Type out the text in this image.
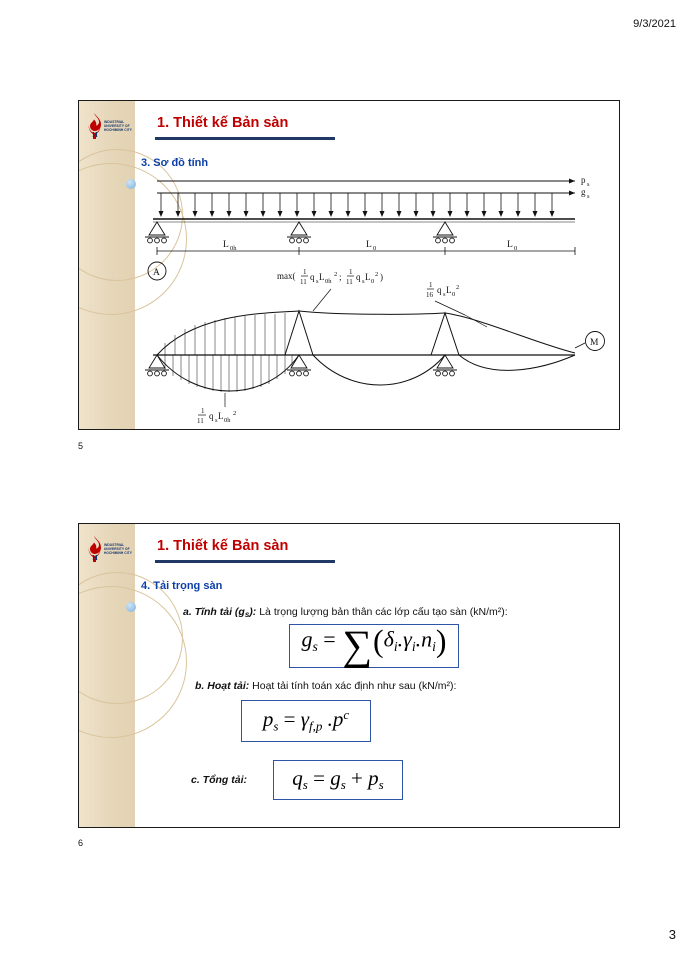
9/3/2021
3
H
INDUSTRIAL
UNIVERSITY OF
HOCHIMINH CITY 1. Thiết kế Bản sàn
3. Sơ đồ tính
L 0h	L 0	L 0
p s
g s
A	max( 1
11 q s L 0h
2 ; 1
11 q s L 0
2 )
1
16 q s L 0
2
M
1
11 q s L 0h
2
5
H
INDUSTRIAL
UNIVERSITY OF
HOCHIMINH CITY 1. Thiết kế Bản sàn
4. Tải trọng sàn
a. Tĩnh tải (gs): Là trọng lượng bản thân các lớp cấu tạo sàn (kN/m²):
$g_s = \sum(\delta_i.\gamma_i.n_i)$
b. Hoạt tải: Hoạt tải tính toán xác định như sau (kN/m²):
$p_s = \gamma_{f,p}$ $.p^c$
c. Tổng tải: $q_s = g_s + p_s$
6
